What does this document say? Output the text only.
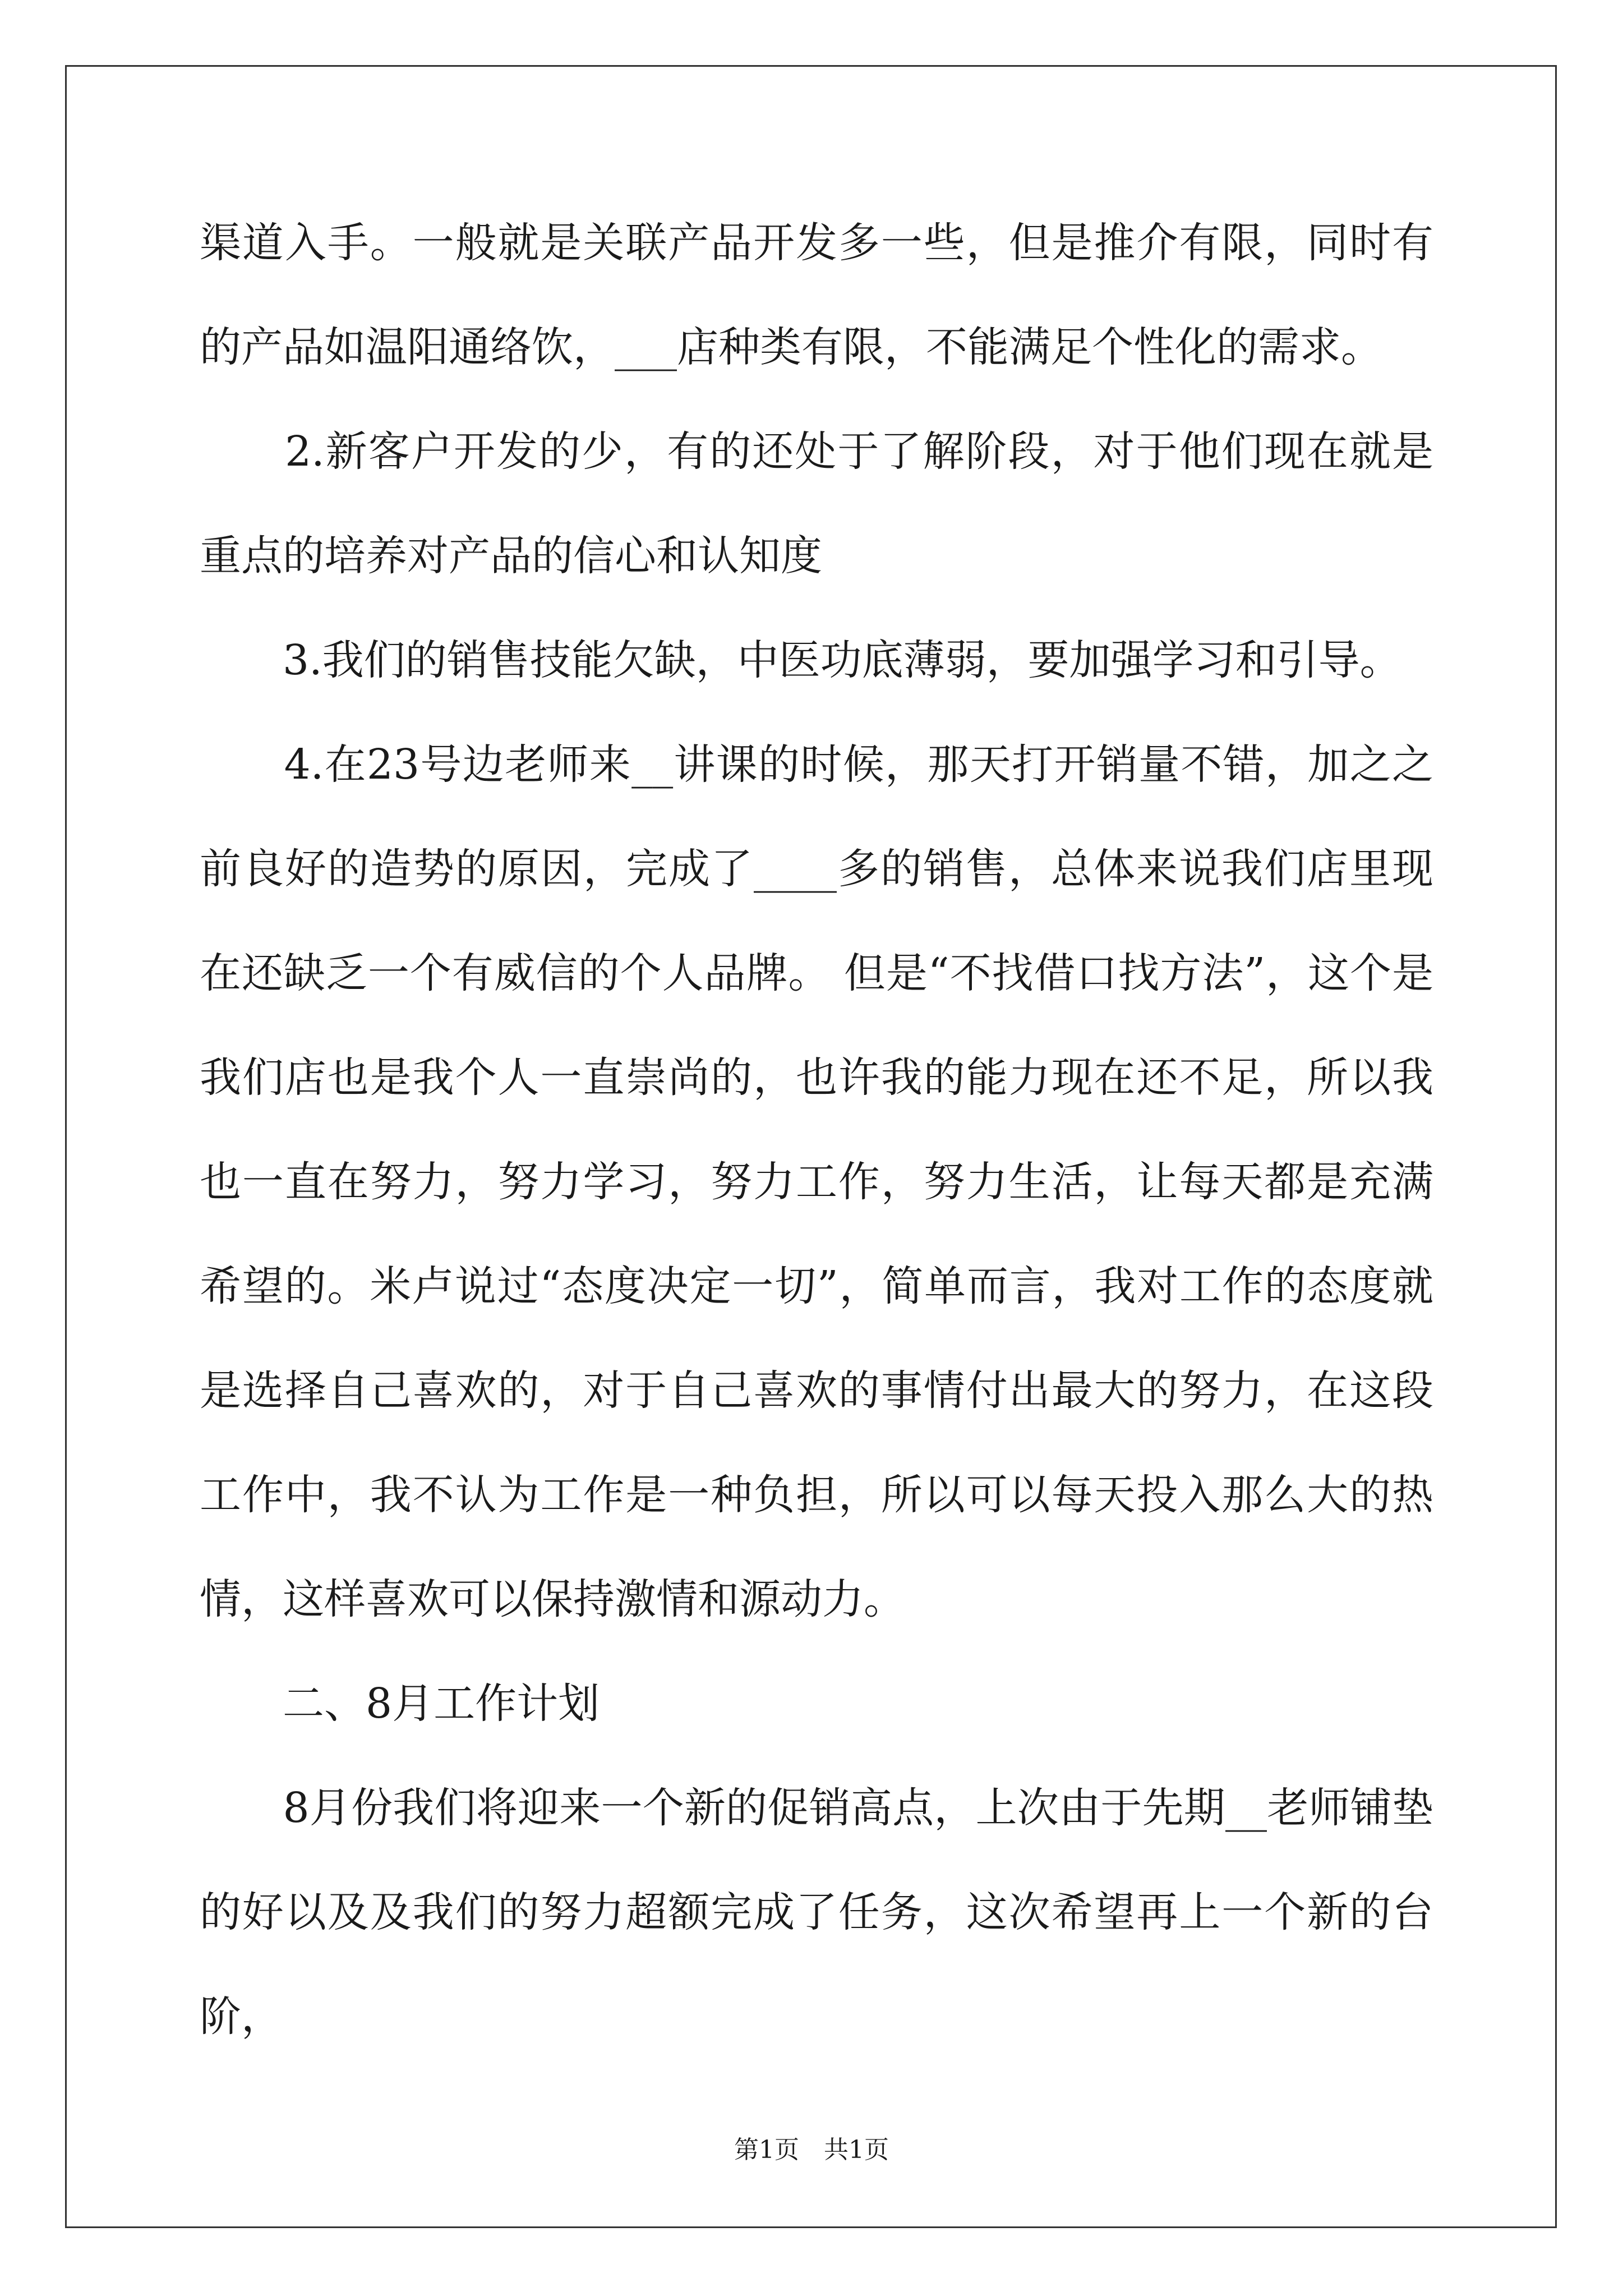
渠道入手。一般就是关联产品开发多一些，但是推介有限，同时有的产品如温阳通络饮，___店种类有限，不能满足个性化的需求。

　　2.新客户开发的少，有的还处于了解阶段，对于他们现在就是重点的培养对产品的信心和认知度

　　3.我们的销售技能欠缺，中医功底薄弱，要加强学习和引导。

　　4.在23号边老师来__讲课的时候，那天打开销量不错，加之之前良好的造势的原因，完成了____多的销售，总体来说我们店里现在还缺乏一个有威信的个人品牌。 但是“不找借口找方法”，这个是我们店也是我个人一直崇尚的，也许我的能力现在还不足，所以我也一直在努力，努力学习，努力工作，努力生活，让每天都是充满希望的。米卢说过“态度决定一切”，简单而言，我对工作的态度就是选择自己喜欢的，对于自己喜欢的事情付出最大的努力，在这段工作中，我不认为工作是一种负担，所以可以每天投入那么大的热情，这样喜欢可以保持激情和源动力。

　　二、8月工作计划

　　8月份我们将迎来一个新的促销高点，上次由于先期__老师铺垫的好以及及我们的努力超额完成了任务，这次希望再上一个新的台阶，

第1页　共1页
